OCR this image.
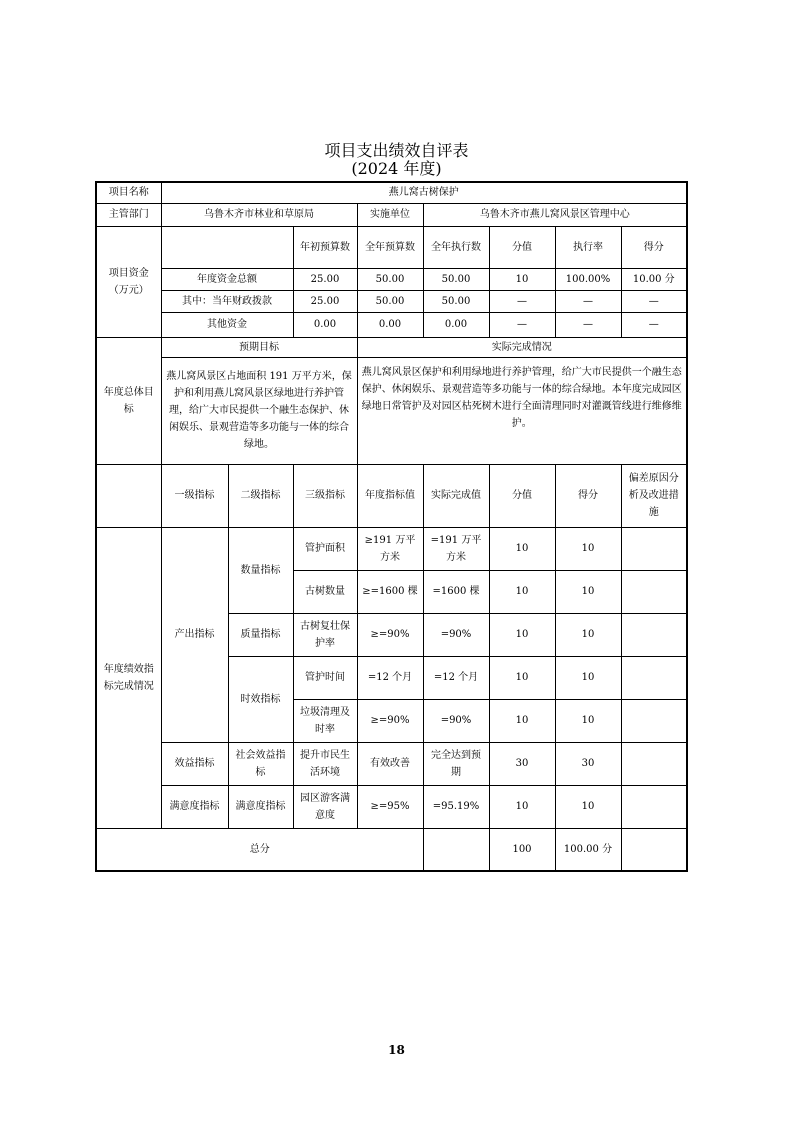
项目支出绩效自评表
(2024 年度)
项目名称	燕儿窝古树保护							
主管部门	乌鲁木齐市林业和草原局			实施单位	乌鲁木齐市燕儿窝风景区管理中心			
项目资金
（万元）			年初预算数	全年预算数	全年执行数	分值	执行率	得分
	年度资金总额		25.00	50.00	50.00	10	100.00%	10.00 分
	其中：当年财政拨款		25.00	50.00	50.00	—	—	—
	其他资金		0.00	0.00	0.00	—	—	—
年度总体目标	预期目标			实际完成情况				
	燕儿窝风景区占地面积 191 万平方米，保护和利用燕儿窝风景区绿地进行养护管理，给广大市民提供一个融生态保护、休闲娱乐、景观营造等多功能与一体的综合绿地。			燕儿窝风景区保护和利用绿地进行养护管理，给广大市民提供一个融生态保护、休闲娱乐、景观营造等多功能与一体的综合绿地。本年度完成园区绿地日常管护及对园区枯死树木进行全面清理同时对灌溉管线进行维修维护。				
	一级指标	二级指标	三级指标	年度指标值	实际完成值	分值	得分	偏差原因分析及改进措施
年度绩效指标完成情况	产出指标	数量指标	管护面积	≥191 万平方米	=191 万平方米	10	10	
			古树数量	≥=1600 棵	=1600 棵	10	10	
		质量指标	古树复壮保护率	≥=90%	=90%	10	10	
		时效指标	管护时间	=12 个月	=12 个月	10	10	
			垃圾清理及时率	≥=90%	=90%	10	10	
	效益指标	社会效益指标	提升市民生活环境	有效改善	完全达到预期	30	30	
	满意度指标	满意度指标	园区游客满意度	≥=95%	=95.19%	10	10	
总分						100	100.00 分	
18
